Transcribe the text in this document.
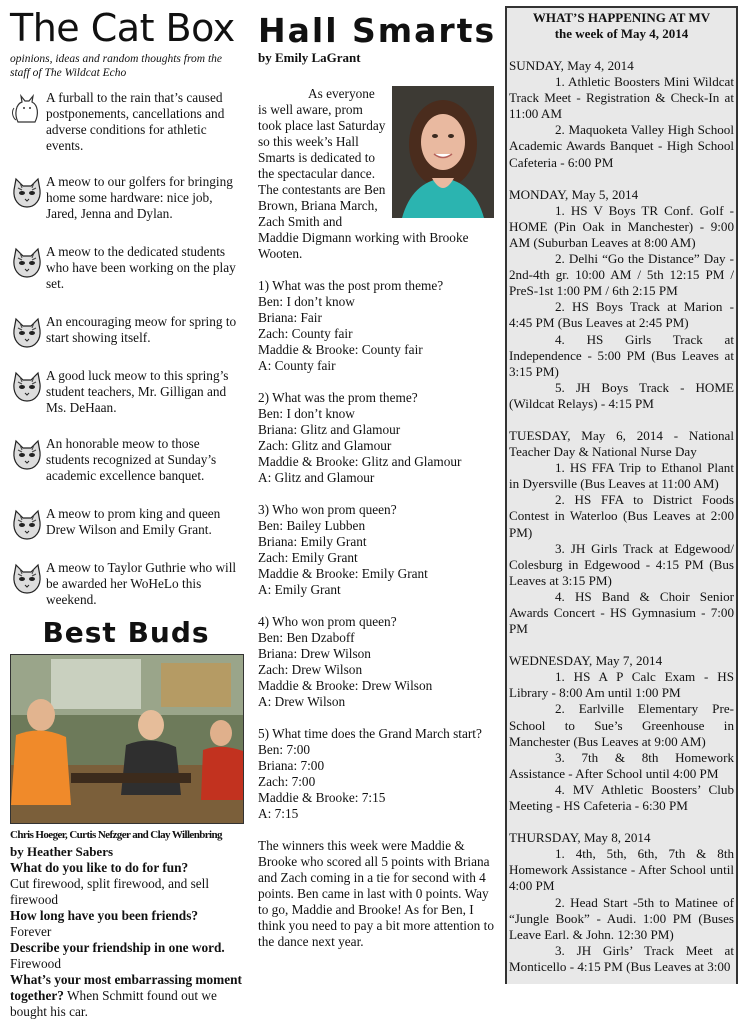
The Cat Box
opinions, ideas and random thoughts from the staff of The Wildcat Echo
A furball to the rain that’s caused postponements, cancellations and adverse conditions for athletic events.
A meow to our golfers for bringing home some hardware: nice job, Jared, Jenna and Dylan.
A meow to the dedicated students who have been working on the play set.
An encouraging meow for spring to start showing itself.
A good luck meow to this spring’s student teachers, Mr. Gilligan and Ms. DeHaan.
An honorable meow to those students recognized at Sunday’s academic excellence banquet.
A meow to prom king and queen Drew Wilson and Emily Grant.
A meow to Taylor Guthrie who will be awarded her WoHeLo this weekend.
Best Buds
Chris Hoeger, Curtis Nefzger and Clay Willenbring
by Heather Sabers
What do you like to do for fun?
Cut firewood, split firewood, and sell firewood
How long have you been friends?
Forever
Describe your friendship in one word.
Firewood
What’s your most embarrassing moment together? When Schmitt found out we bought his car.
Hall Smarts
by Emily LaGrant

As everyone is well aware, prom took place last Saturday so this week’s Hall Smarts is dedicated to the spectacular dance. The contestants are Ben Brown, Briana March, Zach Smith and Maddie Digmann working with Brooke Wooten.

1) What was the post prom theme?
Ben: I don’t know
Briana: Fair
Zach: County fair
Maddie & Brooke: County fair
A: County fair
2) What was the prom theme?
Ben: I don’t know
Briana: Glitz and Glamour
Zach: Glitz and Glamour
Maddie & Brooke: Glitz and Glamour
A: Glitz and Glamour
3) Who won prom queen?
Ben: Bailey Lubben
Briana: Emily Grant
Zach: Emily Grant
Maddie & Brooke: Emily Grant
A: Emily Grant
4) Who won prom queen?
Ben: Ben Dzaboff
Briana: Drew Wilson
Zach: Drew Wilson
Maddie & Brooke: Drew Wilson
A: Drew Wilson
5) What time does the Grand March start?
Ben: 7:00
Briana: 7:00
Zach: 7:00
Maddie & Brooke: 7:15
A: 7:15

The winners this week were Maddie & Brooke who scored all 5 points with Briana and Zach coming in a tie for second with 4 points. Ben came in last with 0 points. Way to go, Maddie and Brooke! As for Ben, I think you need to pay a bit more attention to the dance next year.

WHAT’S HAPPENING AT MV
the week of May 4, 2014
SUNDAY, May 4, 2014
1. Athletic Boosters Mini Wildcat Track Meet - Registration & Check-In at 11:00 AM
2. Maquoketa Valley High School Academic Awards Banquet - High School Cafeteria - 6:00 PM
MONDAY, May 5, 2014
1. HS V Boys TR Conf. Golf - HOME (Pin Oak in Manchester) - 9:00 AM (Suburban Leaves at 8:00 AM)
2. Delhi “Go the Distance” Day - 2nd-4th gr. 10:00 AM / 5th 12:15 PM / PreS-1st 1:00 PM / 6th 2:15 PM
2. HS Boys Track at Marion - 4:45 PM (Bus Leaves at 2:45 PM)
4. HS Girls Track at Independence - 5:00 PM (Bus Leaves at 3:15 PM)
5. JH Boys Track - HOME (Wildcat Relays) - 4:15 PM
TUESDAY, May 6, 2014 - National Teacher Day & National Nurse Day
1. HS FFA Trip to Ethanol Plant in Dyersville (Bus Leaves at 11:00 AM)
2. HS FFA to District Foods Contest in Waterloo (Bus Leaves at 2:00 PM)
3. JH Girls Track at Edgewood/ Colesburg in Edgewood - 4:15 PM (Bus Leaves at 3:15 PM)
4. HS Band & Choir Senior Awards Concert - HS Gymnasium - 7:00 PM
WEDNESDAY, May 7, 2014
1. HS A P Calc Exam - HS Library - 8:00 Am until 1:00 PM
2. Earlville Elementary Pre-School to Sue’s Greenhouse in Manchester (Bus Leaves at 9:00 AM)
3. 7th & 8th Homework Assistance - After School until 4:00 PM
4. MV Athletic Boosters’ Club Meeting - HS Cafeteria - 6:30 PM
THURSDAY, May 8, 2014
1. 4th, 5th, 6th, 7th & 8th Homework Assistance - After School until 4:00 PM
2. Head Start -5th to Matinee of “Jungle Book” - Audi. 1:00 PM (Buses Leave Earl. & John. 12:30 PM)
3. JH Girls’ Track Meet at Monticello - 4:15 PM (Bus Leaves at 3:00
